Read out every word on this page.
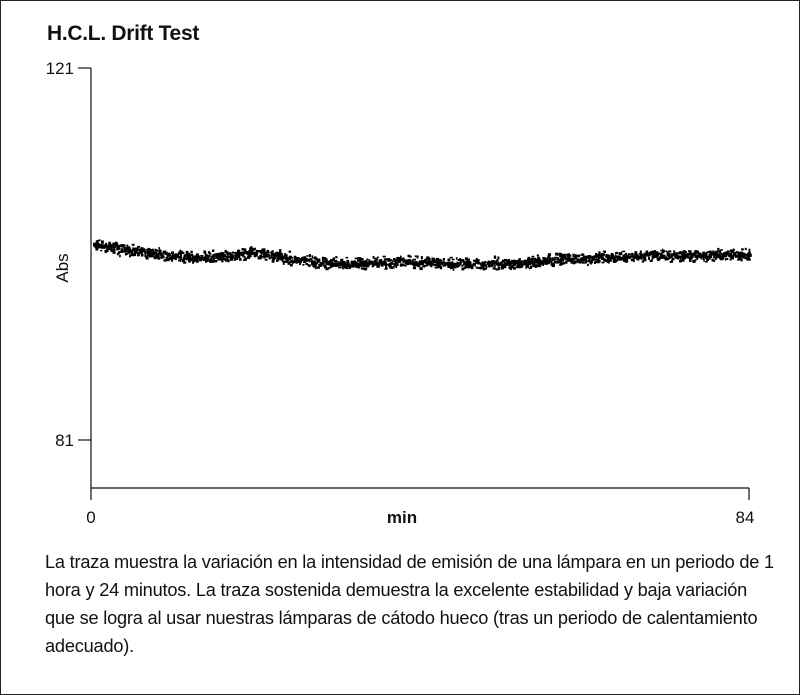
H.C.L. Drift Test
121
81
0	84
min
Abs
La traza muestra la variación en la intensidad de emisión de una lámpara en un periodo de 1 hora y 24 minutos. La traza sostenida demuestra la excelente estabilidad y baja variación que se logra al usar nuestras lámparas de cátodo hueco (tras un periodo de calentamiento adecuado).
